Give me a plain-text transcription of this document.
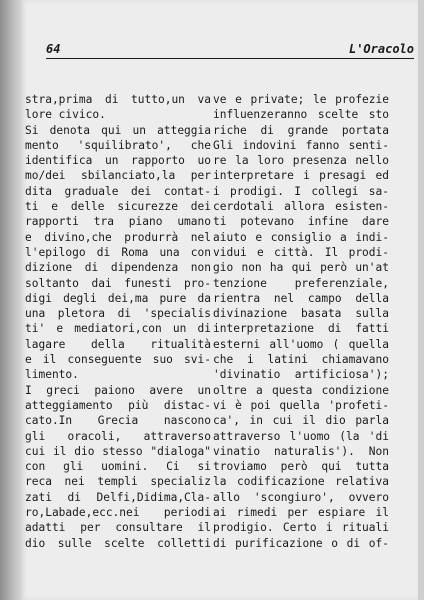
64	L'Oracolo
stra,prima di tutto,un va
lore civico.
Si denota qui un atteggia
mento 'squilibrato', che
identifica un rapporto uo
mo/dei sbilanciato,la per
dita graduale dei contat-
ti e delle sicurezze dei
rapporti tra piano umano
e divino,che produrrà nel
l'epilogo di Roma una con
dizione di dipendenza non
soltanto dai funesti pro-
digi degli dei,ma pure da
una pletora di 'specialis
ti' e mediatori,con un di
lagare della ritualità
e il conseguente suo svi-
limento.
I greci paiono avere un
atteggiamento più distac-
cato.In Grecia nascono
gli oracoli, attraverso
cui il dio stesso "dialoga"
con gli uomini. Ci si
reca nei templi specializ
zati di Delfi,Didima,Cla-
ro,Labade,ecc.nei periodi
adatti per consultare il
dio sulle scelte colletti
ve e private; le profezie
influenzeranno scelte sto
riche di grande portata
Gli indovini fanno senti-
re la loro presenza nello
interpretare i presagi ed
i prodigi. I collegi sa-
cerdotali allora esisten-
ti potevano infine dare
aiuto e consiglio a indi-
vidui e città. Il prodi-
gio non ha qui però un'at
tenzione preferenziale,
rientra nel campo della
divinazione basata sulla
interpretazione di fatti
esterni all'uomo ( quella
che i latini chiamavano
'divinatio artificiosa');
oltre a questa condizione
vi è poi quella 'profeti-
ca', in cui il dio parla
attraverso l'uomo (la 'di
vinatio naturalis'). Non
troviamo però qui tutta
la codificazione relativa
allo 'scongiuro', ovvero
ai rimedi per espiare il
prodigio. Certo i rituali
di purificazione o di of-
